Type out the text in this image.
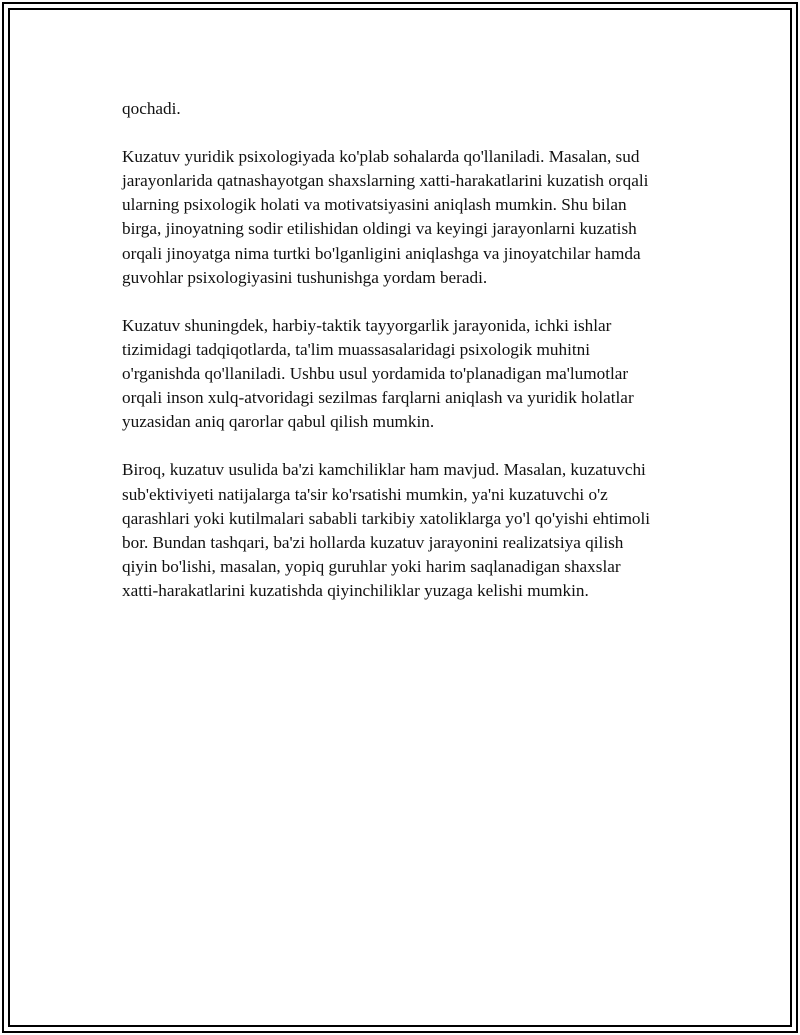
qochadi.
Kuzatuv yuridik psixologiyada ko'plab sohalarda qo'llaniladi. Masalan, sud
jarayonlarida qatnashayotgan shaxslarning xatti-harakatlarini kuzatish orqali
ularning psixologik holati va motivatsiyasini aniqlash mumkin. Shu bilan
birga, jinoyatning sodir etilishidan oldingi va keyingi jarayonlarni kuzatish
orqali jinoyatga nima turtki bo'lganligini aniqlashga va jinoyatchilar hamda
guvohlar psixologiyasini tushunishga yordam beradi.
Kuzatuv shuningdek, harbiy-taktik tayyorgarlik jarayonida, ichki ishlar
tizimidagi tadqiqotlarda, ta'lim muassasalaridagi psixologik muhitni
o'rganishda qo'llaniladi. Ushbu usul yordamida to'planadigan ma'lumotlar
orqali inson xulq-atvoridagi sezilmas farqlarni aniqlash va yuridik holatlar
yuzasidan aniq qarorlar qabul qilish mumkin.
Biroq, kuzatuv usulida ba'zi kamchiliklar ham mavjud. Masalan, kuzatuvchi
sub'ektiviyeti natijalarga ta'sir ko'rsatishi mumkin, ya'ni kuzatuvchi o'z
qarashlari yoki kutilmalari sababli tarkibiy xatoliklarga yo'l qo'yishi ehtimoli
bor. Bundan tashqari, ba'zi hollarda kuzatuv jarayonini realizatsiya qilish
qiyin bo'lishi, masalan, yopiq guruhlar yoki harim saqlanadigan shaxslar
xatti-harakatlarini kuzatishda qiyinchiliklar yuzaga kelishi mumkin.
